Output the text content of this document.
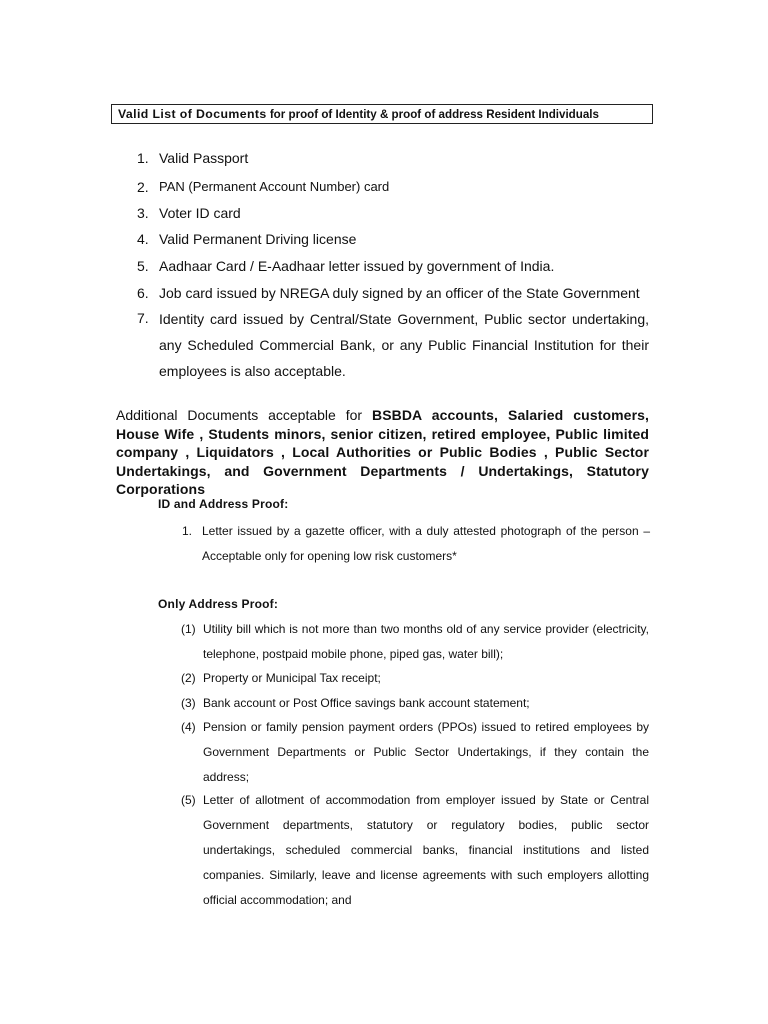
Valid List of Documents for proof of Identity & proof of address Resident Individuals
1. Valid Passport
2. PAN (Permanent Account Number) card
3. Voter ID card
4. Valid Permanent Driving license
5. Aadhaar Card / E-Aadhaar letter issued by government of India.
6. Job card issued by NREGA duly signed by an officer of the State Government
7. Identity card issued by Central/State Government, Public sector undertaking, any Scheduled Commercial Bank, or any Public Financial Institution for their employees is also acceptable.
Additional Documents acceptable for BSBDA accounts, Salaried customers, House Wife , Students minors, senior citizen, retired employee, Public limited company , Liquidators , Local Authorities or Public Bodies , Public Sector Undertakings, and Government Departments / Undertakings, Statutory Corporations
ID and Address Proof:
1. Letter issued by a gazette officer, with a duly attested photograph of the person – Acceptable only for opening low risk customers*
Only Address Proof:
(1) Utility bill which is not more than two months old of any service provider (electricity, telephone, postpaid mobile phone, piped gas, water bill);
(2) Property or Municipal Tax receipt;
(3) Bank account or Post Office savings bank account statement;
(4) Pension or family pension payment orders (PPOs) issued to retired employees by Government Departments or Public Sector Undertakings, if they contain the address;
(5) Letter of allotment of accommodation from employer issued by State or Central Government departments, statutory or regulatory bodies, public sector undertakings, scheduled commercial banks, financial institutions and listed companies. Similarly, leave and license agreements with such employers allotting official accommodation; and
